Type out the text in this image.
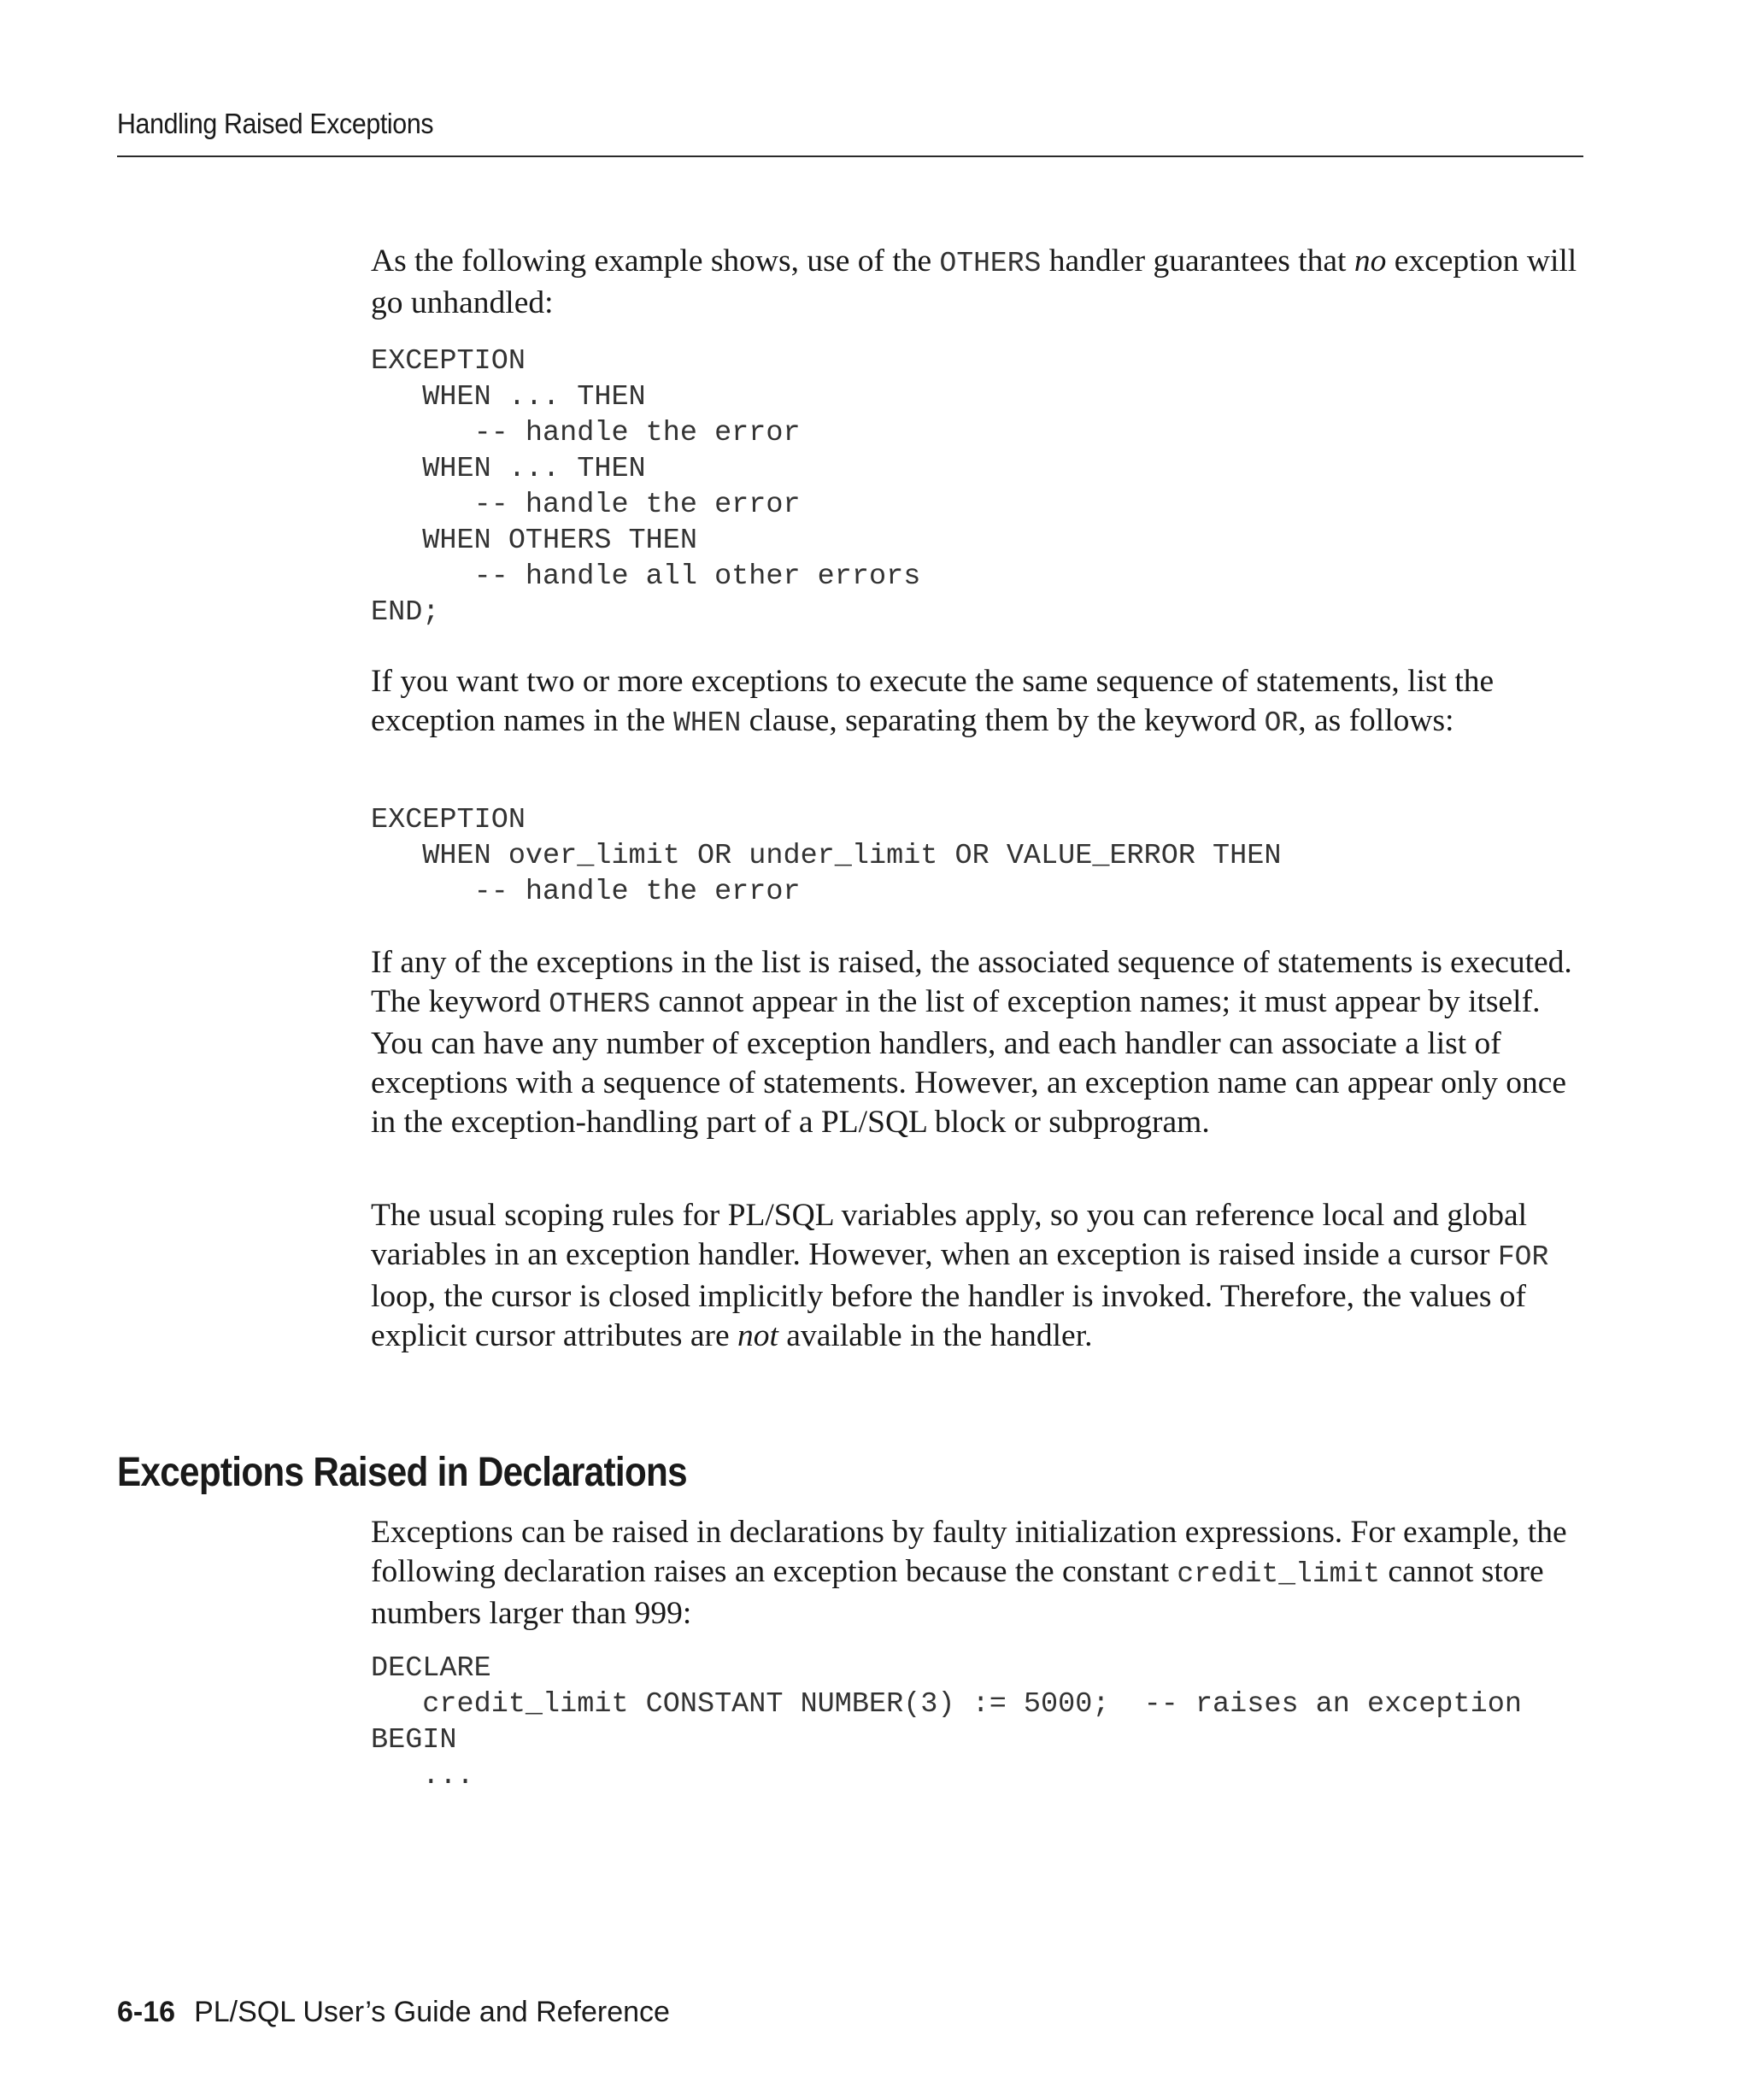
Handling Raised Exceptions

As the following example shows, use of the OTHERS handler guarantees that no exception will go unhandled:

EXCEPTION
WHEN ... THEN
-- handle the error
WHEN ... THEN
-- handle the error
WHEN OTHERS THEN
-- handle all other errors
END;

If you want two or more exceptions to execute the same sequence of statements, list the exception names in the WHEN clause, separating them by the keyword OR, as follows:

EXCEPTION
WHEN over_limit OR under_limit OR VALUE_ERROR THEN
-- handle the error

If any of the exceptions in the list is raised, the associated sequence of statements is executed. The keyword OTHERS cannot appear in the list of exception names; it must appear by itself. You can have any number of exception handlers, and each handler can associate a list of exceptions with a sequence of statements. However, an exception name can appear only once in the exception-handling part of a PL/SQL block or subprogram.

The usual scoping rules for PL/SQL variables apply, so you can reference local and global variables in an exception handler. However, when an exception is raised inside a cursor FOR loop, the cursor is closed implicitly before the handler is invoked. Therefore, the values of explicit cursor attributes are not available in the handler.

Exceptions Raised in Declarations

Exceptions can be raised in declarations by faulty initialization expressions. For example, the following declaration raises an exception because the constant credit_limit cannot store numbers larger than 999:

DECLARE
credit_limit CONSTANT NUMBER(3) := 5000;  -- raises an exception
BEGIN
...
6-16 PL/SQL User’s Guide and Reference
